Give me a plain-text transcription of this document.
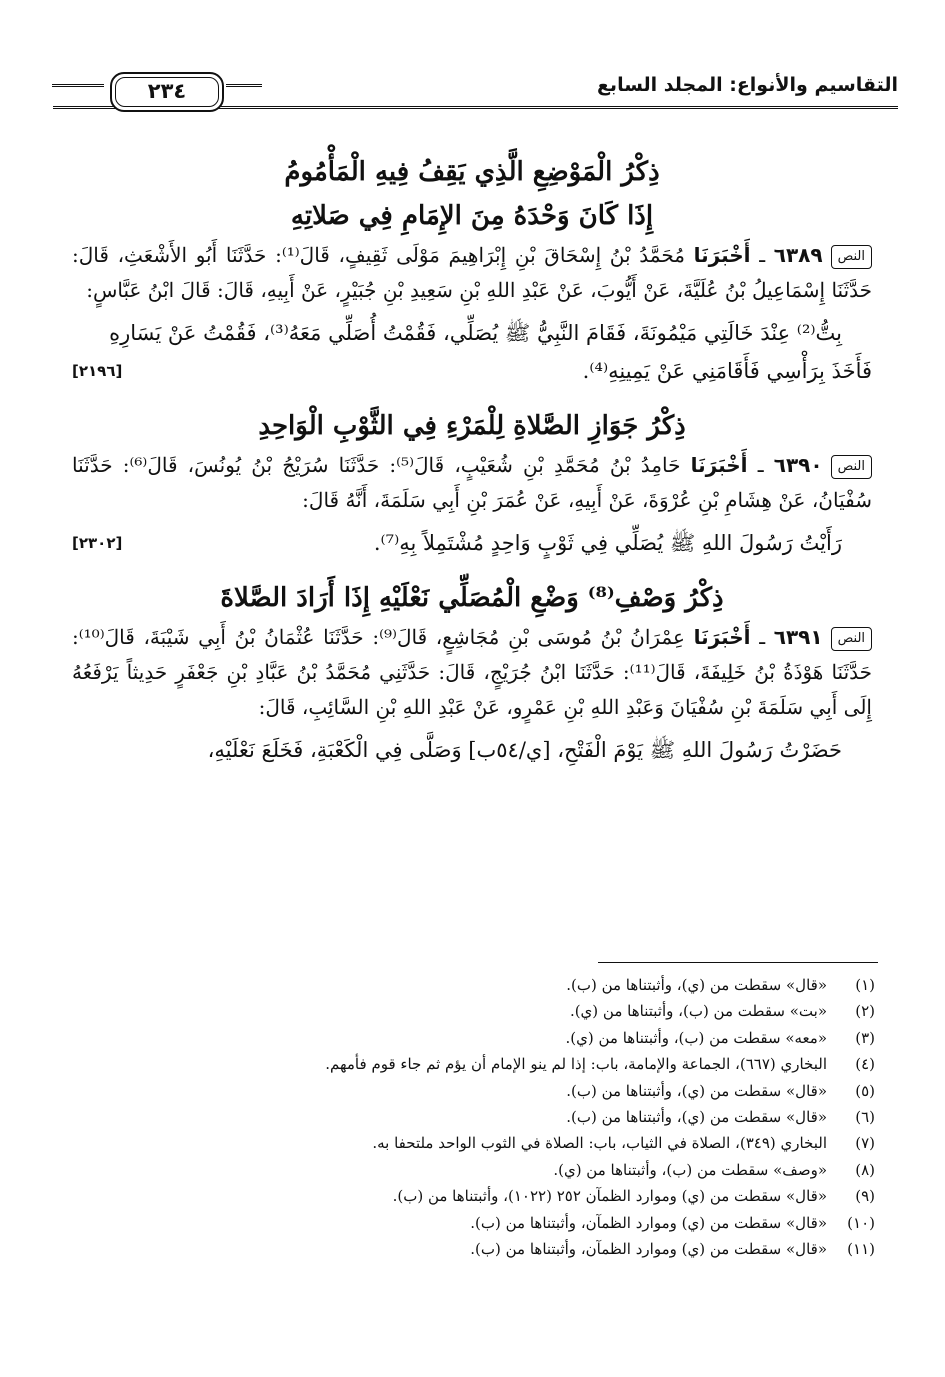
التقاسيم والأنواع: المجلد السابع
٢٣٤
ذِكْرُ الْمَوْضِعِ الَّذِي يَقِفُ فِيهِ الْمَأْمُومُ
إِذَا كَانَ وَحْدَهُ مِنَ الإِمَامِ فِي صَلاتِهِ

النص٦٣٨٩ ـ أَخْبَرَنَا مُحَمَّدُ بْنُ إِسْحَاقَ بْنِ إِبْرَاهِيمَ مَوْلَى ثَقِيفٍ، قَالَ⁽¹⁾: حَدَّثَنَا أَبُو الأَشْعَثِ، قَالَ: حَدَّثَنَا إِسْمَاعِيلُ بْنُ عُلَيَّةَ، عَنْ أَيُّوبَ، عَنْ عَبْدِ اللهِ بْنِ سَعِيدِ بْنِ جُبَيْرٍ، عَنْ أَبِيهِ، قَالَ: قَالَ ابْنُ عَبَّاسٍ:

بِتُّ⁽²⁾ عِنْدَ خَالَتِي مَيْمُونَةَ، فَقَامَ النَّبِيُّ ﷺ يُصَلِّي، فَقُمْتُ أُصَلِّي مَعَهُ⁽³⁾، فَقُمْتُ عَنْ يَسَارِهِ فَأَخَذَ بِرَأْسِي فَأَقَامَنِي عَنْ يَمِينِهِ⁽⁴⁾.
[٢١٩٦]

ذِكْرُ جَوَازِ الصَّلاةِ لِلْمَرْءِ فِي الثَّوْبِ الْوَاحِدِ

النص٦٣٩٠ ـ أَخْبَرَنَا حَامِدُ بْنُ مُحَمَّدِ بْنِ شُعَيْبٍ، قَالَ⁽⁵⁾: حَدَّثَنَا سُرَيْجُ بْنُ يُونُسَ، قَالَ⁽⁶⁾: حَدَّثَنَا سُفْيَانُ، عَنْ هِشَامِ بْنِ عُرْوَةَ، عَنْ أَبِيهِ، عَنْ عُمَرَ بْنِ أَبِي سَلَمَةَ، أَنَّهُ قَالَ:

رَأَيْتُ رَسُولَ اللهِ ﷺ يُصَلِّي فِي ثَوْبٍ وَاحِدٍ مُشْتَمِلاً بِهِ⁽⁷⁾.
[٢٣٠٢]

ذِكْرُ وَصْفِ⁽⁸⁾ وَضْعِ الْمُصَلِّي نَعْلَيْهِ إِذَا أَرَادَ الصَّلاةَ

النص٦٣٩١ ـ أَخْبَرَنَا عِمْرَانُ بْنُ مُوسَى بْنِ مُجَاشِعٍ، قَالَ⁽⁹⁾: حَدَّثَنَا عُثْمَانُ بْنُ أَبِي شَيْبَةَ، قَالَ⁽¹⁰⁾: حَدَّثَنَا هَوْذَةُ بْنُ خَلِيفَةَ، قَالَ⁽¹¹⁾: حَدَّثَنَا ابْنُ جُرَيْجٍ، قَالَ: حَدَّثَنِي مُحَمَّدُ بْنُ عَبَّادِ بْنِ جَعْفَرٍ حَدِيثاً يَرْفَعُهُ إِلَى أَبِي سَلَمَةَ بْنِ سُفْيَانَ وَعَبْدِ اللهِ بْنِ عَمْرٍو، عَنْ عَبْدِ اللهِ بْنِ السَّائِبِ، قَالَ:

حَضَرْتُ رَسُولَ اللهِ ﷺ يَوْمَ الْفَتْحِ، [ي/٥٤ب] وَصَلَّى فِي الْكَعْبَةِ، فَخَلَعَ نَعْلَيْهِ،

(١)
«قال» سقطت من (ي)، وأثبتناها من (ب).
(٢)
«بت» سقطت من (ب)، وأثبتناها من (ي).
(٣)
«معه» سقطت من (ب)، وأثبتناها من (ي).
(٤)
البخاري (٦٦٧)، الجماعة والإمامة، باب: إذا لم ينو الإمام أن يؤم ثم جاء قوم فأمهم.
(٥)
«قال» سقطت من (ي)، وأثبتناها من (ب).
(٦)
«قال» سقطت من (ي)، وأثبتناها من (ب).
(٧)
البخاري (٣٤٩)، الصلاة في الثياب، باب: الصلاة في الثوب الواحد ملتحفا به.
(٨)
«وصف» سقطت من (ب)، وأثبتناها من (ي).
(٩)
«قال» سقطت من (ي) وموارد الظمآن ٢٥٢ (١٠٢٢)، وأثبتناها من (ب).
(١٠)
«قال» سقطت من (ي) وموارد الظمآن، وأثبتناها من (ب).
(١١)
«قال» سقطت من (ي) وموارد الظمآن، وأثبتناها من (ب).
